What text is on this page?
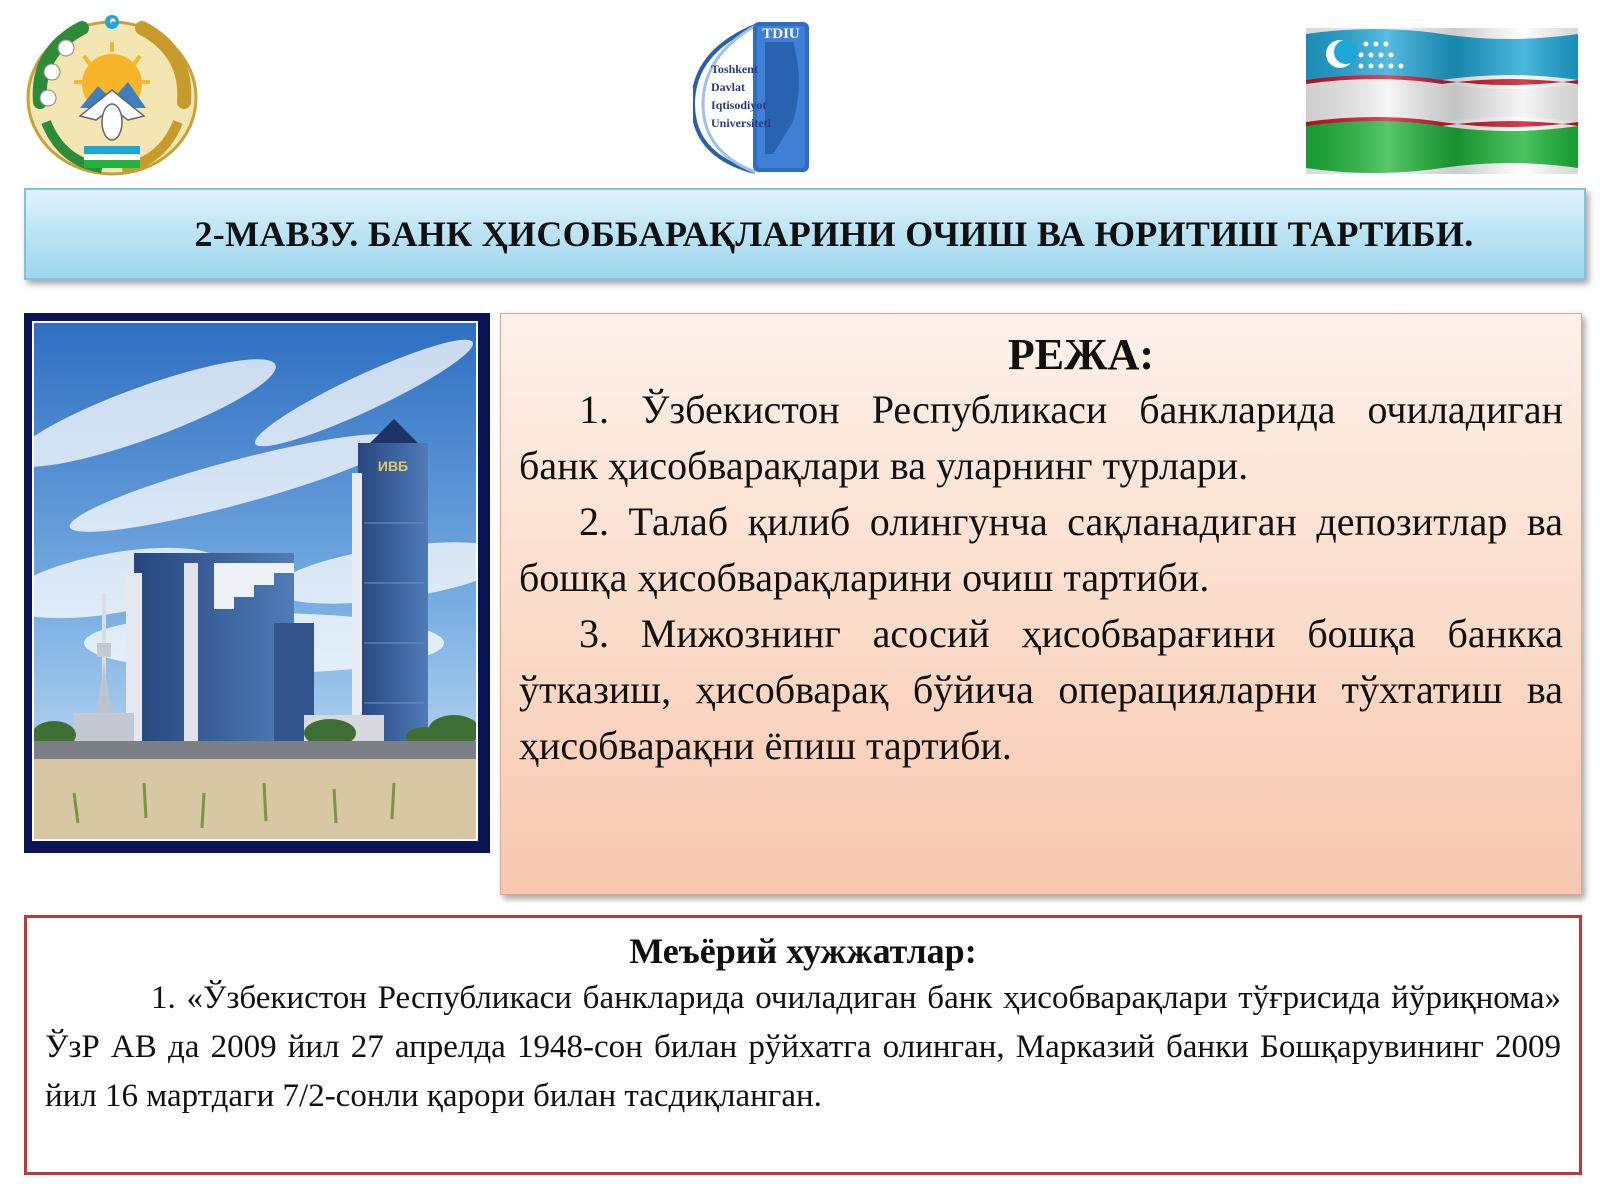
TDIU
Toshkent
Davlat
Iqtisodiyot
Universiteti
2-МАВЗУ. БАНК ҲИСОББАРАҚЛАРИНИ ОЧИШ ВА ЮРИТИШ ТАРТИБИ.
ИВБ
РЕЖА:
1. Ўзбекистон Республикаси банкларида очиладиган банк ҳисобварақлари ва уларнинг турлари.
2. Талаб қилиб олингунча сақланадиган депозитлар ва бошқа ҳисобварақларини очиш тартиби.
3. Мижознинг асосий ҳисобварағини бошқа банкка ўтказиш, ҳисобварақ бўйича операцияларни тўхтатиш ва ҳисобварақни ёпиш тартиби.
Меъёрий хужжатлар:
1. «Ўзбекистон Республикаси банкларида очиладиган банк ҳисобварақлари тўғрисида йўриқнома» ЎзР АВ да 2009 йил 27 апрелда 1948-сон билан рўйхатга олинган, Марказий банки Бошқарувининг 2009 йил 16 мартдаги 7/2-сонли қарори билан тасдиқланган.
